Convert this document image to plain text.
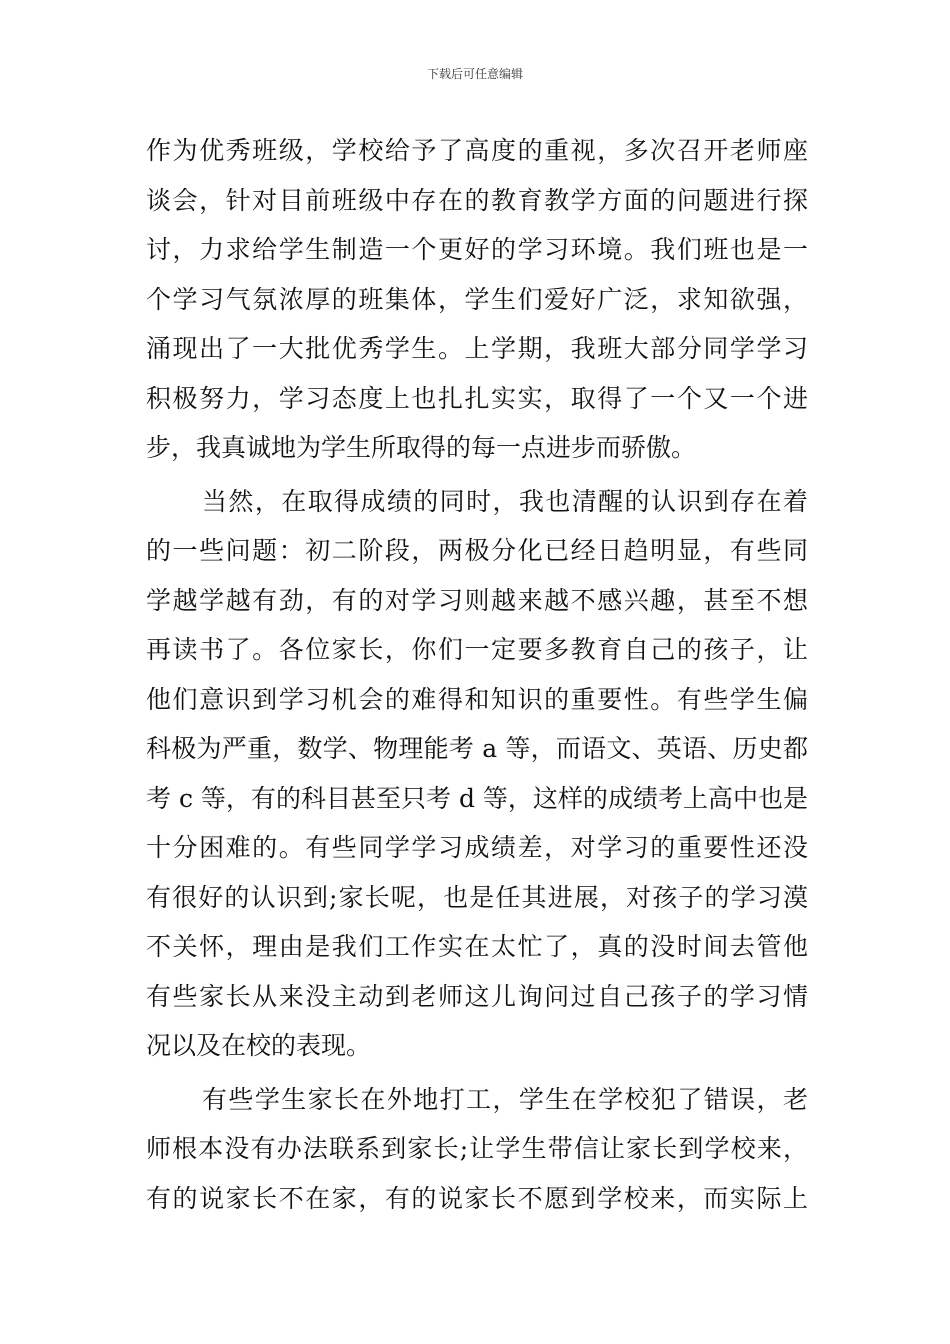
下载后可任意编辑
作为优秀班级，学校给予了高度的重视，多次召开老师座
谈会，针对目前班级中存在的教育教学方面的问题进行探
讨，力求给学生制造一个更好的学习环境。我们班也是一
个学习气氛浓厚的班集体，学生们爱好广泛，求知欲强，
涌现出了一大批优秀学生。上学期，我班大部分同学学习
积极努力，学习态度上也扎扎实实，取得了一个又一个进
步，我真诚地为学生所取得的每一点进步而骄傲。
当然，在取得成绩的同时，我也清醒的认识到存在着
的一些问题：初二阶段，两极分化已经日趋明显，有些同
学越学越有劲，有的对学习则越来越不感兴趣，甚至不想
再读书了。各位家长，你们一定要多教育自己的孩子，让
他们意识到学习机会的难得和知识的重要性。有些学生偏
科极为严重，数学、物理能考 a 等，而语文、英语、历史都
考 c 等，有的科目甚至只考 d 等，这样的成绩考上高中也是
十分困难的。有些同学学习成绩差，对学习的重要性还没
有很好的认识到;家长呢，也是任其进展，对孩子的学习漠
不关怀，理由是我们工作实在太忙了，真的没时间去管他
有些家长从来没主动到老师这儿询问过自己孩子的学习情
况以及在校的表现。
有些学生家长在外地打工，学生在学校犯了错误，老
师根本没有办法联系到家长;让学生带信让家长到学校来，
有的说家长不在家，有的说家长不愿到学校来，而实际上
